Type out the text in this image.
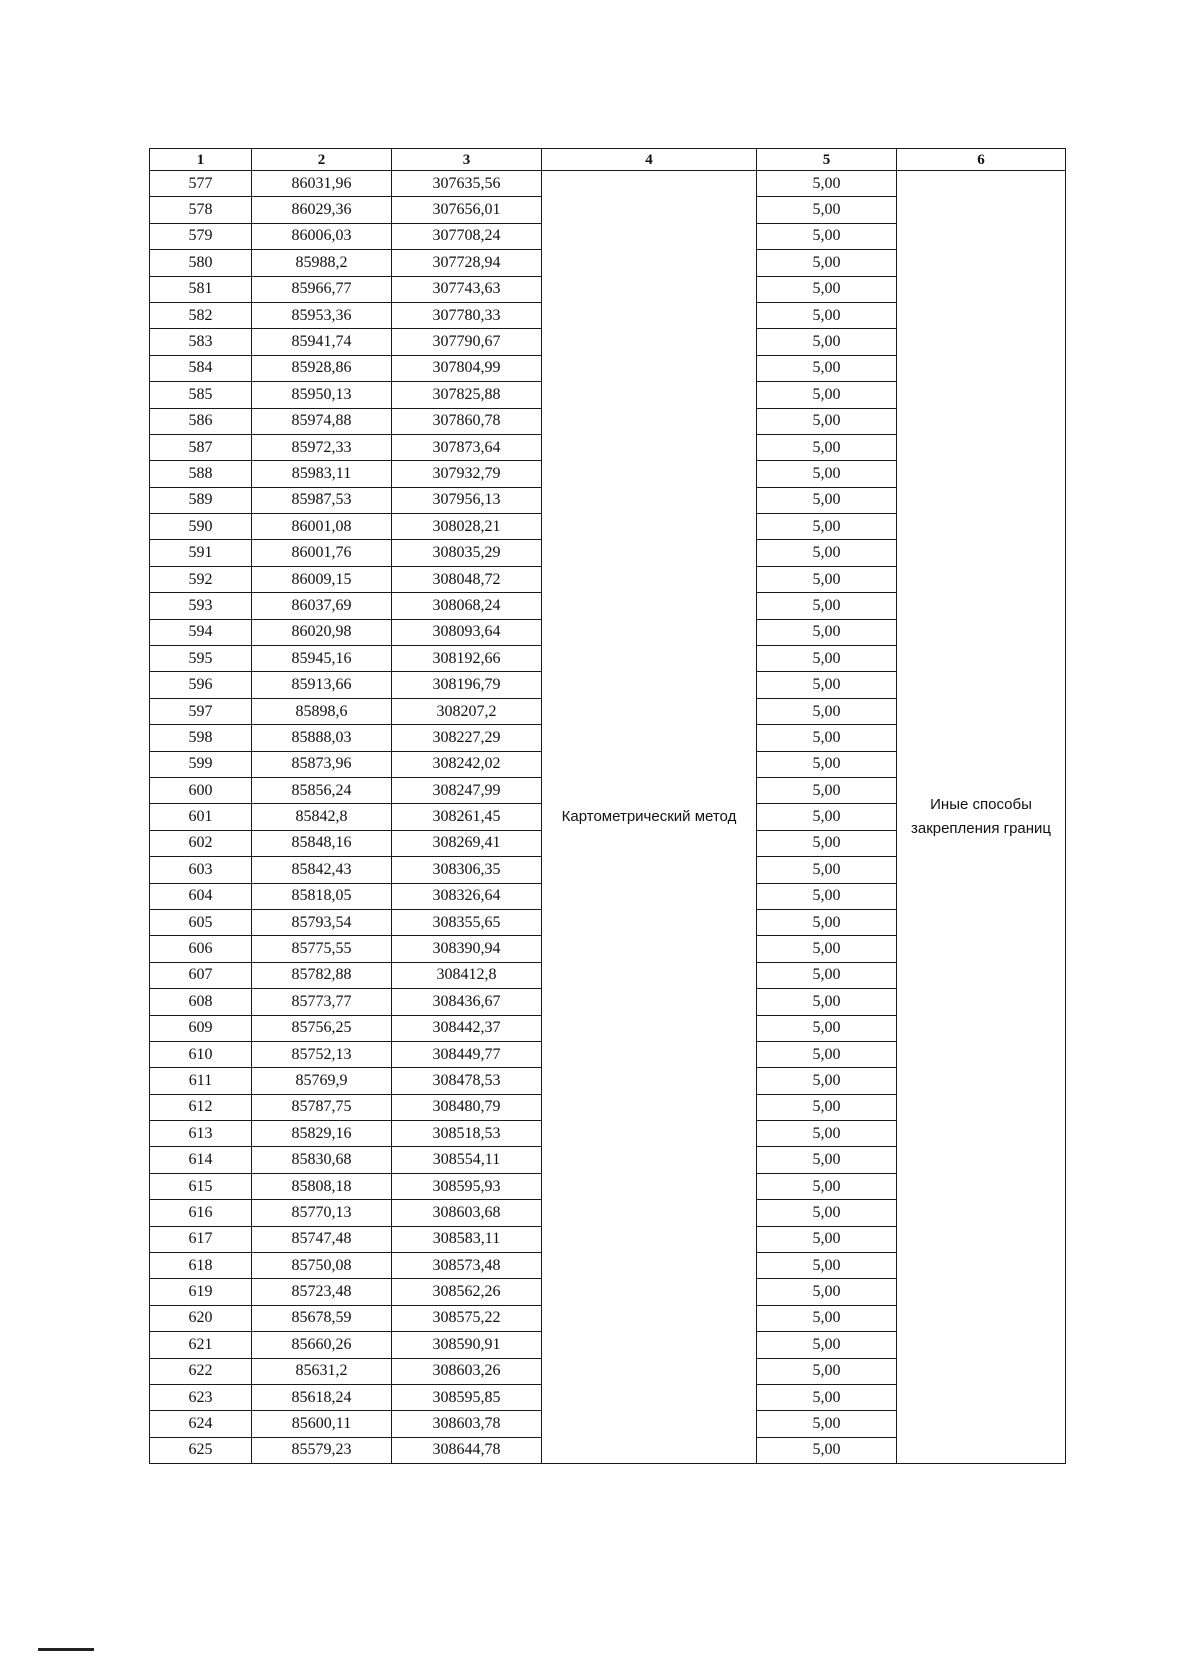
1	2	3	4	5	6
577	86031,96	307635,56	Картометрический метод	5,00	Иные способы закрепления границ
578	86029,36	307656,01		5,00	
579	86006,03	307708,24		5,00	
580	85988,2	307728,94		5,00	
581	85966,77	307743,63		5,00	
582	85953,36	307780,33		5,00	
583	85941,74	307790,67		5,00	
584	85928,86	307804,99		5,00	
585	85950,13	307825,88		5,00	
586	85974,88	307860,78		5,00	
587	85972,33	307873,64		5,00	
588	85983,11	307932,79		5,00	
589	85987,53	307956,13		5,00	
590	86001,08	308028,21		5,00	
591	86001,76	308035,29		5,00	
592	86009,15	308048,72		5,00	
593	86037,69	308068,24		5,00	
594	86020,98	308093,64		5,00	
595	85945,16	308192,66		5,00	
596	85913,66	308196,79		5,00	
597	85898,6	308207,2		5,00	
598	85888,03	308227,29		5,00	
599	85873,96	308242,02		5,00	
600	85856,24	308247,99		5,00	
601	85842,8	308261,45		5,00	
602	85848,16	308269,41		5,00	
603	85842,43	308306,35		5,00	
604	85818,05	308326,64		5,00	
605	85793,54	308355,65		5,00	
606	85775,55	308390,94		5,00	
607	85782,88	308412,8		5,00	
608	85773,77	308436,67		5,00	
609	85756,25	308442,37		5,00	
610	85752,13	308449,77		5,00	
611	85769,9	308478,53		5,00	
612	85787,75	308480,79		5,00	
613	85829,16	308518,53		5,00	
614	85830,68	308554,11		5,00	
615	85808,18	308595,93		5,00	
616	85770,13	308603,68		5,00	
617	85747,48	308583,11		5,00	
618	85750,08	308573,48		5,00	
619	85723,48	308562,26		5,00	
620	85678,59	308575,22		5,00	
621	85660,26	308590,91		5,00	
622	85631,2	308603,26		5,00	
623	85618,24	308595,85		5,00	
624	85600,11	308603,78		5,00	
625	85579,23	308644,78		5,00	
